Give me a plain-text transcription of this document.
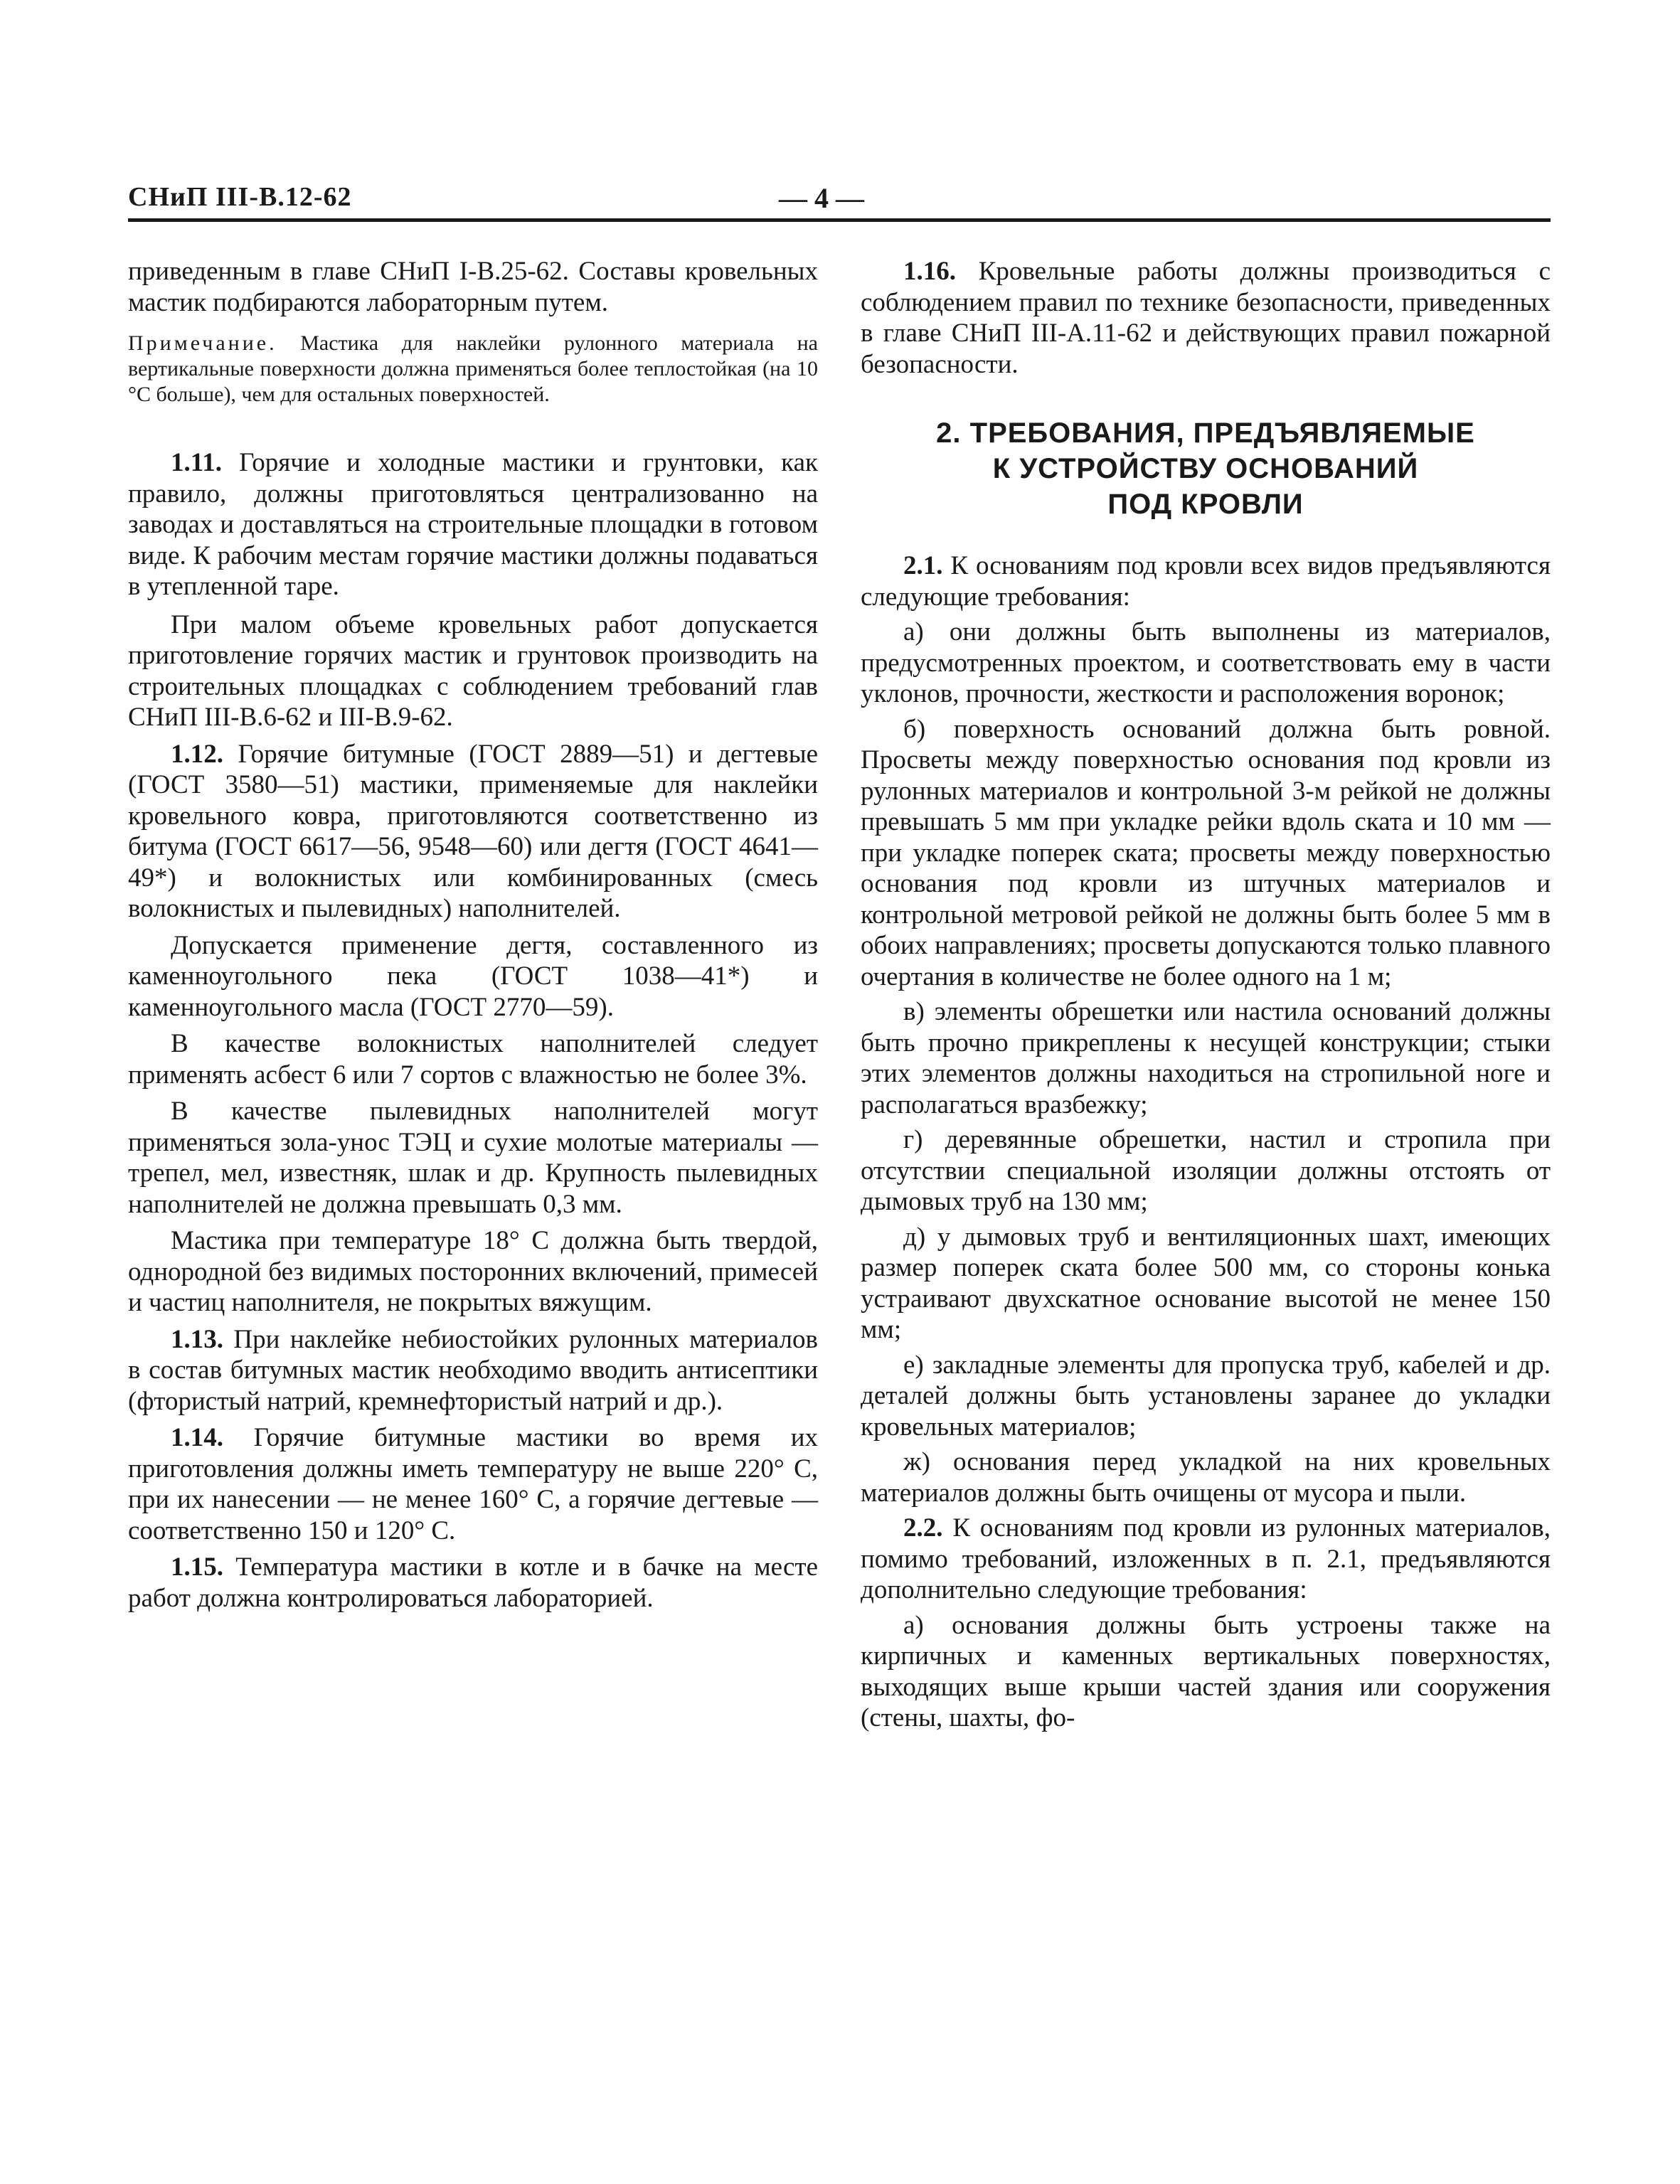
СНиП III-В.12-62	— 4 —

приведенным в главе СНиП I-В.25-62. Составы кровельных мастик подбираются лабораторным путем.

Примечание. Мастика для наклейки рулонного материала на вертикальные поверхности должна применяться более теплостойкая (на 10 °С больше), чем для остальных поверхностей.

1.11. Горячие и холодные мастики и грунтовки, как правило, должны приготовляться централизованно на заводах и доставляться на строительные площадки в готовом виде. К рабочим местам горячие мастики должны подаваться в утепленной таре.

При малом объеме кровельных работ допускается приготовление горячих мастик и грунтовок производить на строительных площадках с соблюдением требований глав СНиП III-В.6-62 и III-В.9-62.

1.12. Горячие битумные (ГОСТ 2889—51) и дегтевые (ГОСТ 3580—51) мастики, применяемые для наклейки кровельного ковра, приготовляются соответственно из битума (ГОСТ 6617—56, 9548—60) или дегтя (ГОСТ 4641—49*) и волокнистых или комбинированных (смесь волокнистых и пылевидных) наполнителей.

Допускается применение дегтя, составленного из каменноугольного пека (ГОСТ 1038—41*) и каменноугольного масла (ГОСТ 2770—59).

В качестве волокнистых наполнителей следует применять асбест 6 или 7 сортов с влажностью не более 3%.

В качестве пылевидных наполнителей могут применяться зола-унос ТЭЦ и сухие молотые материалы — трепел, мел, известняк, шлак и др. Крупность пылевидных наполнителей не должна превышать 0,3 мм.

Мастика при температуре 18° С должна быть твердой, однородной без видимых посторонних включений, примесей и частиц наполнителя, не покрытых вяжущим.

1.13. При наклейке небиостойких рулонных материалов в состав битумных мастик необходимо вводить антисептики (фтористый натрий, кремнефтористый натрий и др.).

1.14. Горячие битумные мастики во время их приготовления должны иметь температуру не выше 220° С, при их нанесении — не менее 160° С, а горячие дегтевые — соответственно 150 и 120° С.

1.15. Температура мастики в котле и в бачке на месте работ должна контролироваться лабораторией.

1.16. Кровельные работы должны производиться с соблюдением правил по технике безопасности, приведенных в главе СНиП III-А.11-62 и действующих правил пожарной безопасности.

2. ТРЕБОВАНИЯ, ПРЕДЪЯВЛЯЕМЫЕ
К УСТРОЙСТВУ ОСНОВАНИЙ
ПОД КРОВЛИ

2.1. К основаниям под кровли всех видов предъявляются следующие требования:

а) они должны быть выполнены из материалов, предусмотренных проектом, и соответствовать ему в части уклонов, прочности, жесткости и расположения воронок;

б) поверхность оснований должна быть ровной. Просветы между поверхностью основания под кровли из рулонных материалов и контрольной 3-м рейкой не должны превышать 5 мм при укладке рейки вдоль ската и 10 мм — при укладке поперек ската; просветы между поверхностью основания под кровли из штучных материалов и контрольной метровой рейкой не должны быть более 5 мм в обоих направлениях; просветы допускаются только плавного очертания в количестве не более одного на 1 м;

в) элементы обрешетки или настила оснований должны быть прочно прикреплены к несущей конструкции; стыки этих элементов должны находиться на стропильной ноге и располагаться вразбежку;

г) деревянные обрешетки, настил и стропила при отсутствии специальной изоляции должны отстоять от дымовых труб на 130 мм;

д) у дымовых труб и вентиляционных шахт, имеющих размер поперек ската более 500 мм, со стороны конька устраивают двухскатное основание высотой не менее 150 мм;

е) закладные элементы для пропуска труб, кабелей и др. деталей должны быть установлены заранее до укладки кровельных материалов;

ж) основания перед укладкой на них кровельных материалов должны быть очищены от мусора и пыли.

2.2. К основаниям под кровли из рулонных материалов, помимо требований, изложенных в п. 2.1, предъявляются дополнительно следующие требования:

а) основания должны быть устроены также на кирпичных и каменных вертикальных поверхностях, выходящих выше крыши частей здания или сооружения (стены, шахты, фо-
